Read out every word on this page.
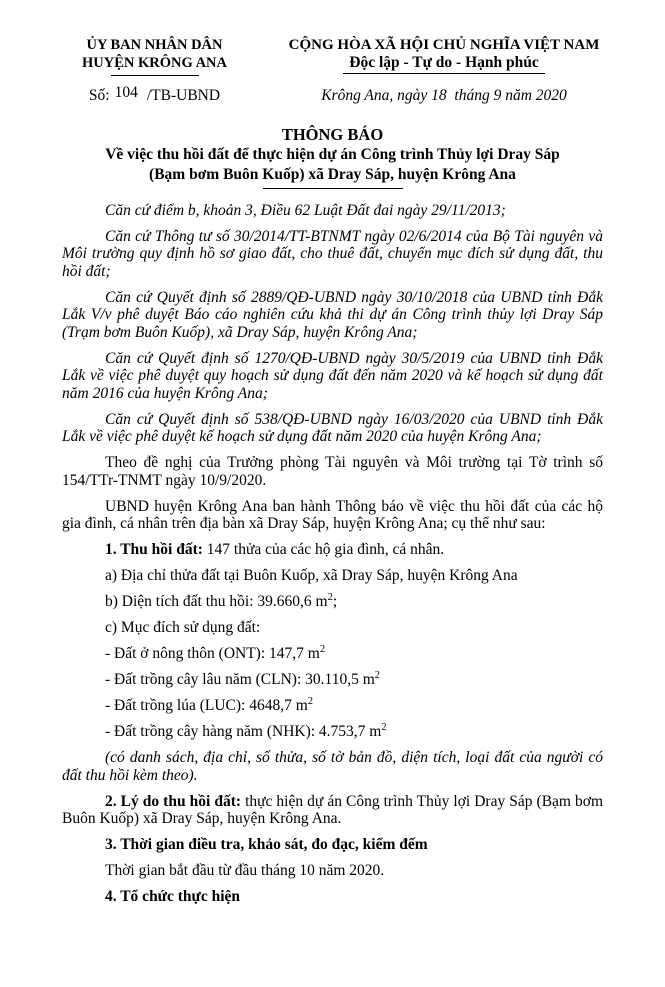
ỦY BAN NHÂN DÂN
HUYỆN KRÔNG ANA
CỘNG HÒA XÃ HỘI CHỦ NGHĨA VIỆT NAM
Độc lập - Tự do - Hạnh phúc
Số: 104 /TB-UBND	Krông Ana, ngày 18  tháng 9 năm 2020
THÔNG BÁO
Về việc thu hồi đất để thực hiện dự án Công trình Thủy lợi Dray Sáp
(Bạm bơm Buôn Kuốp) xã Dray Sáp, huyện Krông Ana

Căn cứ điểm b, khoản 3, Điều 62 Luật Đất đai ngày 29/11/2013;

Căn cứ Thông tư số 30/2014/TT-BTNMT ngày 02/6/2014 của Bộ Tài nguyên và Môi trường quy định hồ sơ giao đất, cho thuê đất, chuyển mục đích sử dụng đất, thu hồi đất;

Căn cứ Quyết định số 2889/QĐ-UBND ngày 30/10/2018 của UBND tỉnh Đắk Lắk V/v phê duyệt Báo cáo nghiên cứu khả thi dự án Công trình thủy lợi Dray Sáp (Trạm bơm Buôn Kuốp), xã Dray Sáp, huyện Krông Ana;

Căn cứ Quyết định số 1270/QĐ-UBND ngày 30/5/2019 của UBND tỉnh Đắk Lắk về việc phê duyệt quy hoạch sử dụng đất đến năm 2020 và kế hoạch sử dụng đất năm 2016 của huyện Krông Ana;

Căn cứ Quyết định số 538/QĐ-UBND ngày 16/03/2020 của UBND tỉnh Đắk Lắk về việc phê duyệt kế hoạch sử dụng đất năm 2020 của huyện Krông Ana;

Theo đề nghị của Trưởng phòng Tài nguyên và Môi trường tại Tờ trình số 154/TTr-TNMT ngày 10/9/2020.

UBND huyện Krông Ana ban hành Thông báo về việc thu hồi đất của các hộ gia đình, cá nhân trên địa bàn xã Dray Sáp, huyện Krông Ana; cụ thể như sau:

1. Thu hồi đất: 147 thửa của các hộ gia đình, cá nhân.

a) Địa chỉ thửa đất tại Buôn Kuốp, xã Dray Sáp, huyện Krông Ana

b) Diện tích đất thu hồi: 39.660,6 $m^2$;

c) Mục đích sử dụng đất:

- Đất ở nông thôn (ONT): 147,7 $m^2$

- Đất trồng cây lâu năm (CLN): 30.110,5 $m^2$

- Đất trồng lúa (LUC): 4648,7 $m^2$

- Đất trồng cây hàng năm (NHK): 4.753,7 $m^2$

(có danh sách, địa chỉ, số thửa, số tờ bản đồ, diện tích, loại đất của người có đất thu hồi kèm theo).

2. Lý do thu hồi đất: thực hiện dự án Công trình Thủy lợi Dray Sáp (Bạm bơm Buôn Kuốp) xã Dray Sáp, huyện Krông Ana.

3. Thời gian điều tra, khảo sát, đo đạc, kiểm đếm

Thời gian bắt đầu từ đầu tháng 10 năm 2020.

4. Tổ chức thực hiện
